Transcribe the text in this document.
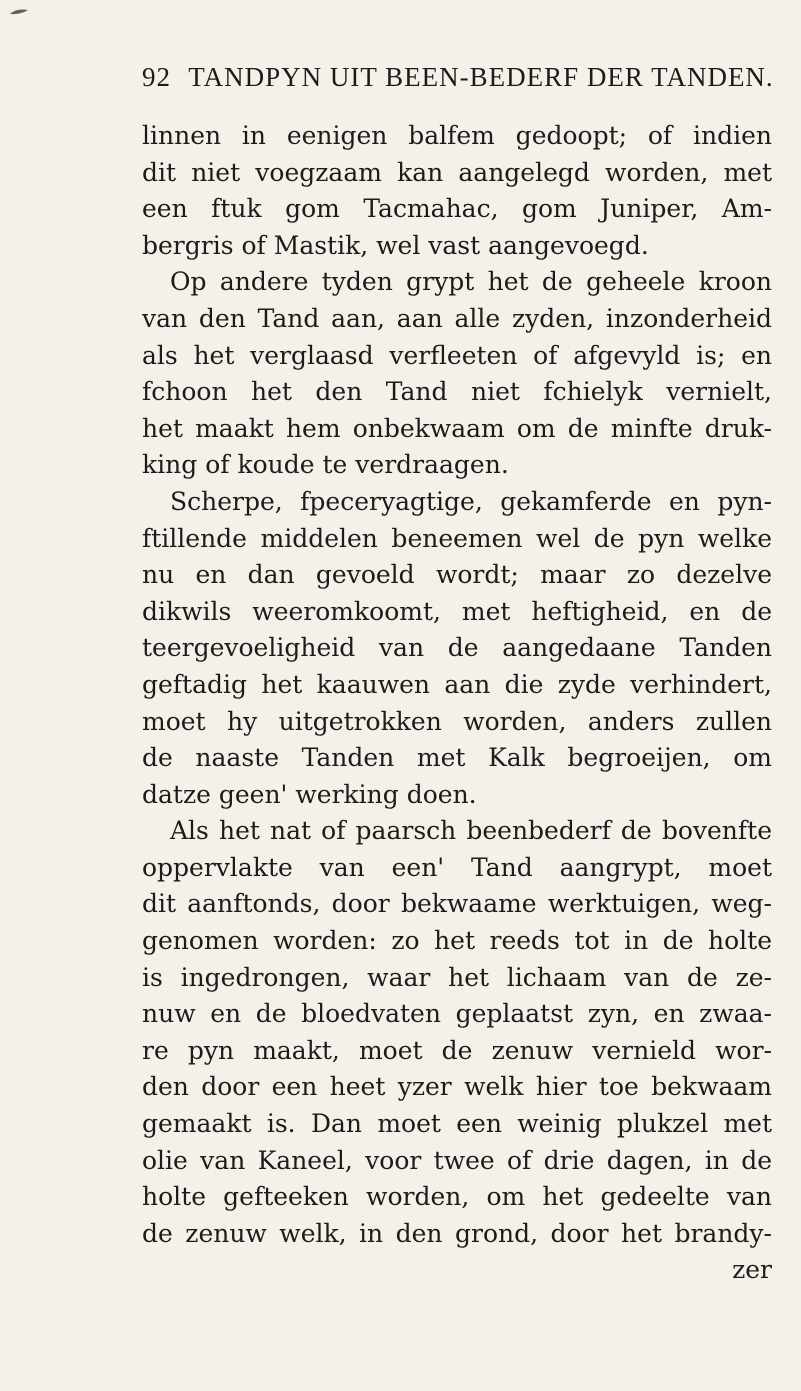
92 TANDPYN UIT BEEN-BEDERF DER TANDEN.
linnen in eenigen balfem gedoopt; of indien
dit niet voegzaam kan aangelegd worden, met
een ftuk gom Tacmahac, gom Juniper, Am-
bergris of Mastik, wel vast aangevoegd.
Op andere tyden grypt het de geheele kroon
van den Tand aan, aan alle zyden, inzonderheid
als het verglaasd verfleeten of afgevyld is; en
fchoon het den Tand niet fchielyk vernielt,
het maakt hem onbekwaam om de minfte druk-
king of koude te verdraagen.
Scherpe, fpeceryagtige, gekamferde en pyn-
ftillende middelen beneemen wel de pyn welke
nu en dan gevoeld wordt; maar zo dezelve
dikwils weeromkoomt, met heftigheid, en de
teergevoeligheid van de aangedaane Tanden
geftadig het kaauwen aan die zyde verhindert,
moet hy uitgetrokken worden, anders zullen
de naaste Tanden met Kalk begroeijen, om
datze geen' werking doen.
Als het nat of paarsch beenbederf de bovenfte
oppervlakte van een' Tand aangrypt, moet
dit aanftonds, door bekwaame werktuigen, weg-
genomen worden: zo het reeds tot in de holte
is ingedrongen, waar het lichaam van de ze-
nuw en de bloedvaten geplaatst zyn, en zwaa-
re pyn maakt, moet de zenuw vernield wor-
den door een heet yzer welk hier toe bekwaam
gemaakt is. Dan moet een weinig plukzel met
olie van Kaneel, voor twee of drie dagen, in de
holte gefteeken worden, om het gedeelte van
de zenuw welk, in den grond, door het brandy-
zer
